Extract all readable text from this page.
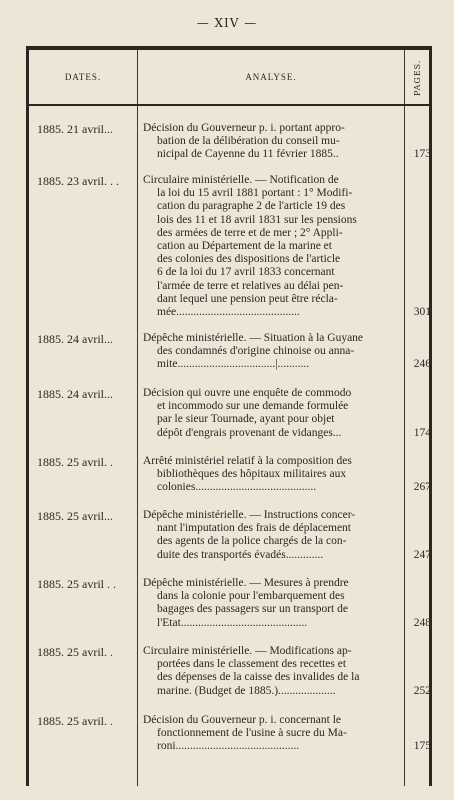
— XIV —
DATES.	ANALYSE.	PAGES.
1885. 21 avril...	Décision du Gouverneur p. i. portant appro-
bation de la délibération du conseil mu-
nicipal de Cayenne du 11 février 1885..	173
1885. 23 avril. . .	Circulaire ministérielle. — Notification de
la loi du 15 avril 1881 portant : 1° Modifi-
cation du paragraphe 2 de l'article 19 des
lois des 11 et 18 avril 1831 sur les pensions
des armées de terre et de mer ; 2° Appli-
cation au Département de la marine et
des colonies des dispositions de l'article
6 de la loi du 17 avril 1833 concernant
l'armée de terre et relatives au délai pen-
dant lequel une pension peut être récla-
mée...........................................	301
1885. 24 avril...	Dépêche ministérielle. — Situation à la Guyane
des condamnés d'origine chinoise ou anna-
mite..................................|...........	246
1885. 24 avril...	Décision qui ouvre une enquête de commodo
et incommodo sur une demande formulée
par le sieur Tournade, ayant pour objet
dépôt d'engrais provenant de vidanges...	174
1885. 25 avril. .	Arrêté ministériel relatif à la composition des
bibliothèques des hôpitaux militaires aux
colonies..........................................	267
1885. 25 avril...	Dépêche ministérielle. — Instructions concer-
nant l'imputation des frais de déplacement
des agents de la police chargés de la con-
duite des transportés évadés.............	247
1885. 25 avril . .	Dépêche ministérielle. — Mesures à prendre
dans la colonie pour l'embarquement des
bagages des passagers sur un transport de
l'Etat............................................	248
1885. 25 avril. .	Circulaire ministérielle. — Modifications ap-
portées dans le classement des recettes et
des dépenses de la caisse des invalides de la
marine. (Budget de 1885.)....................	252
1885. 25 avril. .	Décision du Gouverneur p. i. concernant le
fonctionnement de l'usine à sucre du Ma-
roni...........................................	175
